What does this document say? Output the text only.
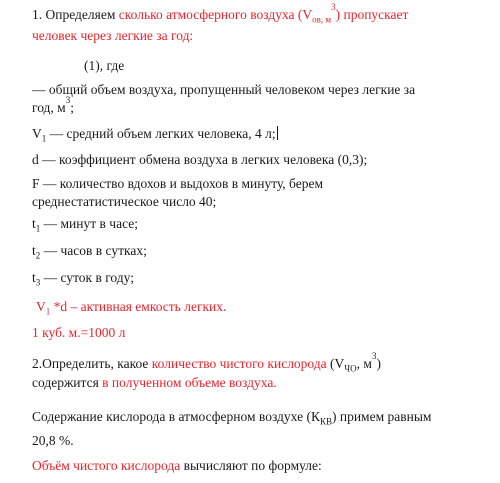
1. Определяем сколько атмосферного воздуха $(V_{ов, м}^3)$ пропускает
человек через легкие за год:
(1), где
— общий объем воздуха, пропущенный человеком через легкие за
год, $м^3$;
$V_1$ — средний объем легких человека, 4 л;
d — коэффициент обмена воздуха в легких человека (0,3);
F — количество вдохов и выдохов в минуту, берем
среднестатистическое число 40;
$t_1$ — минут в часе;
$t_2$ — часов в сутках;
$t_3$ — суток в году;
$V_1$ *d – активная емкость легких.
1 куб. м.=1000 л
2.Определить, какое количество чистого кислорода ($V_{ЧО}$, $м^3$)
содержится в полученном объеме воздуха.
Содержание кислорода в атмосферном воздухе $(К_{КВ})$ примем равным
20,8 %.
Объём чистого кислорода вычисляют по формуле:
